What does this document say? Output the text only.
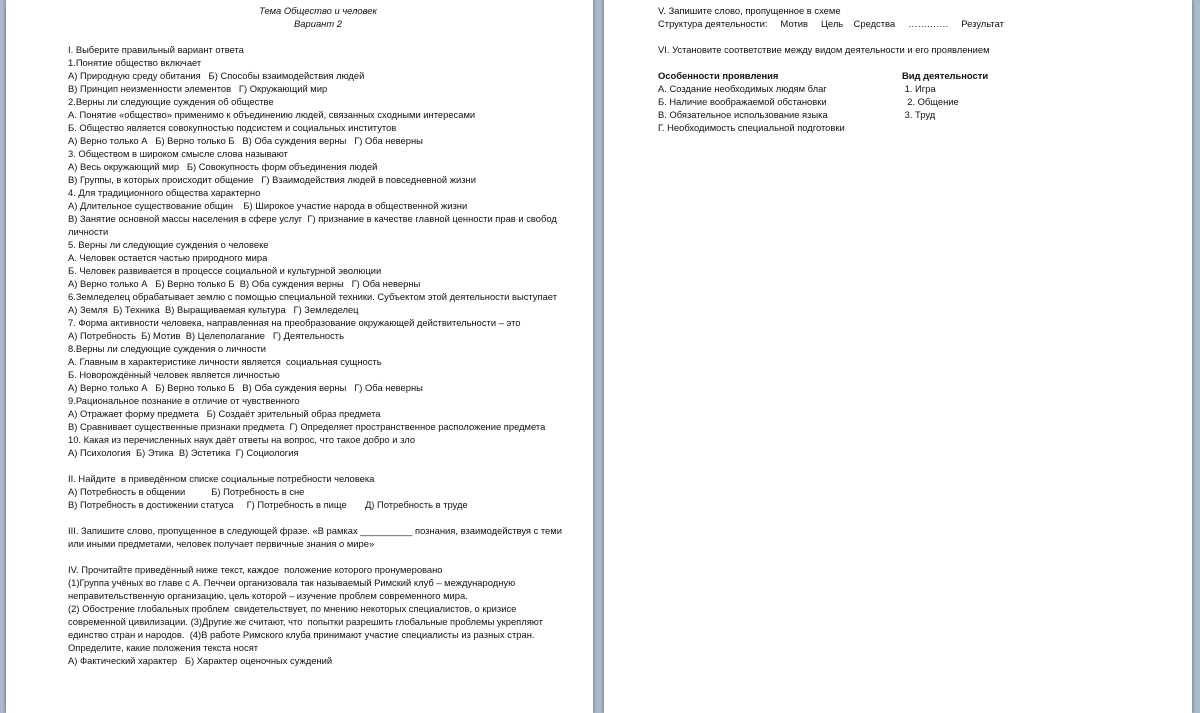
Тема Общество и человек
Вариант 2
I. Выберите правильный вариант ответа
1.Понятие общество включает
А) Природную среду обитания   Б) Способы взаимодействия людей
В) Принцип неизменности элементов   Г) Окружающий мир
2.Верны ли следующие суждения об обществе
А. Понятие «общество» применимо к объединению людей, связанных сходными интересами
Б. Общество является совокупностью подсистем и социальных институтов
А) Верно только А   Б) Верно только Б   В) Оба суждения верны   Г) Оба неверны
3. Обществом в широком смысле слова называют
А) Весь окружающий мир   Б) Совокупность форм объединения людей
В) Группы, в которых происходит общение   Г) Взаимодействия людей в повседневной жизни
4. Для традиционного общества характерно
А) Длительное существование общин    Б) Широкое участие народа в общественной жизни
В) Занятие основной массы населения в сфере услуг  Г) признание в качестве главной ценности прав и свобод личности
5. Верны ли следующие суждения о человеке
А. Человек остается частью природного мира
Б. Человек развивается в процессе социальной и культурной эволюции
А) Верно только А   Б) Верно только Б  В) Оба суждения верны   Г) Оба неверны
6.Земледелец обрабатывает землю с помощью специальной техники. Субъектом этой деятельности выступает
А) Земля  Б) Техника  В) Выращиваемая культура   Г) Земледелец
7. Форма активности человека, направленная на преобразование окружающей действительности – это
А) Потребность  Б) Мотив  В) Целеполагание   Г) Деятельность
8.Верны ли следующие суждения о личности
А. Главным в характеристике личности является  социальная сущность
Б. Новорождённый человек является личностью
А) Верно только А   Б) Верно только Б   В) Оба суждения верны   Г) Оба неверны
9.Рациональное познание в отличие от чувственного
А) Отражает форму предмета   Б) Создаёт зрительный образ предмета
В) Сравнивает существенные признаки предмета  Г) Определяет пространственное расположение предмета
10. Какая из перечисленных наук даёт ответы на вопрос, что такое добро и зло
А) Психология  Б) Этика  В) Эстетика  Г) Социология
II. Найдите  в приведённом списке социальные потребности человека
А) Потребность в общении          Б) Потребность в сне
В) Потребность в достижении статуса     Г) Потребность в пище       Д) Потребность в труде
III. Запишите слово, пропущенное в следующей фразе. «В рамках __________ познания, взаимодействуя с теми или иными предметами, человек получает первичные знания о мире»
IV. Прочитайте приведённый ниже текст, каждое  положение которого пронумеровано
(1)Группа учёных во главе с А. Печчеи организовала так называемый Римский клуб – международную неправительственную организацию, цель которой – изучение проблем современного мира.
(2) Обострение глобальных проблем  свидетельствует, по мнению некоторых специалистов, о кризисе современной цивилизации. (3)Другие же считают, что  попытки разрешить глобальные проблемы укрепляют единство стран и народов.  (4)В работе Римского клуба принимают участие специалисты из разных стран.
Определите, какие положения текста носят
А) Фактический характер   Б) Характер оценочных суждений
V. Запишите слово, пропущенное в схеме
Структура деятельности:     Мотив     Цель    Средства     ………….     Результат
VI. Установите соответствие между видом деятельности и его проявлением
Особенности проявления
А. Создание необходимых людям благ
Б. Наличие воображаемой обстановки
В. Обязательное использование языка
Г. Необходимость специальной подготовки
Вид деятельности
1. Игра
2. Общение
3. Труд
